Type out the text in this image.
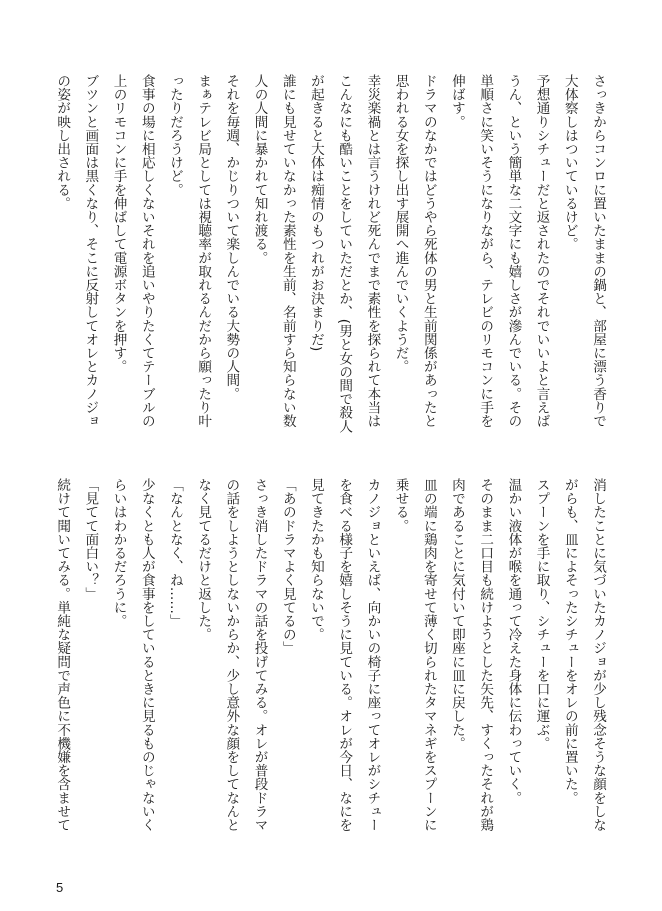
さっきからコンロに置いたままの鍋と、部屋に漂う香りで
大体察しはついているけど。
予想通りシチューだと返されたのでそれでいいよと言えば
うん、という簡単な二文字にも嬉しさが滲んでいる。その
単順さに笑いそうになりながら、テレビのリモコンに手を
伸ばす。
ドラマのなかではどうやら死体の男と生前関係があったと
思われる女を探し出す展開へ進んでいくようだ。
幸災楽禍とは言うけれど死んでまで素性を探られて本当は
こんなにも酷いことをしていただとか、(男と女の間で殺人
が起きると大体は痴情のもつれがお決まりだ)
誰にも見せていなかった素性を生前、名前すら知らない数
人の人間に暴かれて知れ渡る。
それを毎週、かじりついて楽しんでいる大勢の人間。
まぁテレビ局としては視聴率が取れるんだから願ったり叶
ったりだろうけど。
食事の場に相応しくないそれを追いやりたくてテーブルの
上のリモコンに手を伸ばして電源ボタンを押す。
ブツンと画面は黒くなり、そこに反射してオレとカノジョ
の姿が映し出される。
消したことに気づいたカノジョが少し残念そうな顔をしな
がらも、皿によそったシチューをオレの前に置いた。
スプーンを手に取り、シチューを口に運ぶ。
温かい液体が喉を通って冷えた身体に伝わっていく。
そのまま二口目も続けようとした矢先、すくったそれが鶏
肉であることに気付いて即座に皿に戻した。
皿の端に鶏肉を寄せて薄く切られたタマネギをスプーンに
乗せる。
カノジョといえば、向かいの椅子に座ってオレがシチュー
を食べる様子を嬉しそうに見ている。オレが今日、なにを
見てきたかも知らないで。
「あのドラマよく見てるの」
さっき消したドラマの話を投げてみる。オレが普段ドラマ
の話をしようとしないからか、少し意外な顔をしてなんと
なく見てるだけと返した。
「なんとなく、ね……」
少なくとも人が食事をしているときに見るものじゃないく
らいはわかるだろうに。
「見てて面白い？」
続けて聞いてみる。単純な疑問で声色に不機嫌を含ませて
5
